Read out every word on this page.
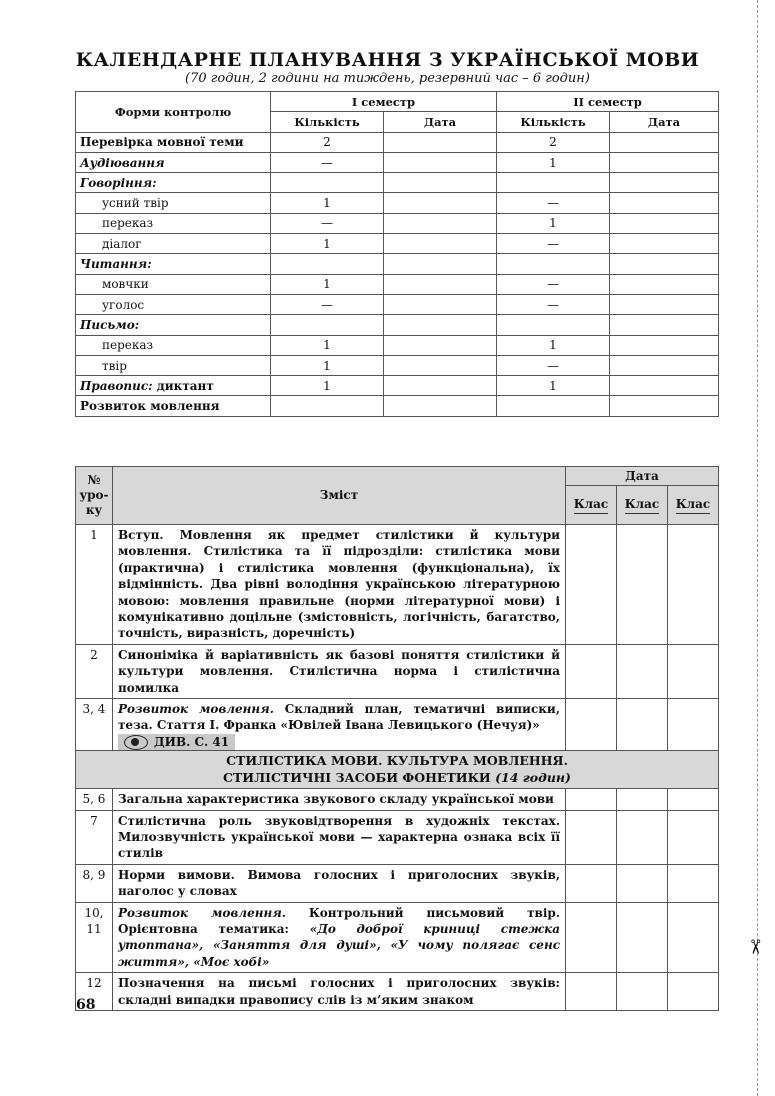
КАЛЕНДАРНЕ ПЛАНУВАННЯ З УКРАЇНСЬКОЇ МОВИ
(70 годин, 2 години на тиждень, резервний час – 6 годин)
Форми контролю	І семестр		ІІ семестр	
	Кількість	Дата	Кількість	Дата
Перевірка мовної теми	2		2	
Аудіювання	—		1	
Говоріння:				
усний твір	1		—	
переказ	—		1	
діалог	1		—	
Читання:				
мовчки	1		—	
уголос	—		—	
Письмо:				
переказ	1		1	
твір	1		—	
Правопис: диктант	1		1	
Розвиток мовлення				
№ уро- ку	Зміст	Дата		
		Клас	Клас	Клас
1	Вступ. Мовлення як предмет стилістики й культури мовлення. Стилістика та її підрозділи: стилістика мови (практична) і стилістика мовлення (функціональна), їх відмінність. Два рівні володіння українською літературною мовою: мовлення правильне (норми літературної мови) і комунікативно доцільне (змістовність, логічність, багатство, точність, виразність, доречність)			
2	Синоніміка й варіативність як базові поняття стилістики й культури мовлення. Стилістична норма і стилістична помилка			
3, 4	Розвиток мовлення. Складний план, тематичні виписки, теза. Стаття І. Франка «Ювілей Івана Левицького (Нечуя)»
ДИВ. С. 41			
СТИЛІСТИКА МОВИ. КУЛЬТУРА МОВЛЕННЯ.
СТИЛІСТИЧНІ ЗАСОБИ ФОНЕТИКИ (14 годин)				
5, 6	Загальна характеристика звукового складу української мови			
7	Стилістична роль звуковідтворення в художніх текстах. Милозвучність української мови — характерна ознака всіх її стилів			
8, 9	Норми вимови. Вимова голосних і приголосних звуків, наголос у словах			
10, 11	Розвиток мовлення. Контрольний письмовий твір. Орієнтовна тематика: «До доброї криниці стежка утоптана», «Заняття для душі», «У чому полягає сенс життя», «Моє хобі»			
12	Позначення на письмі голосних і приголосних звуків: складні випадки правопису слів із м’яким знаком			
68
✂
